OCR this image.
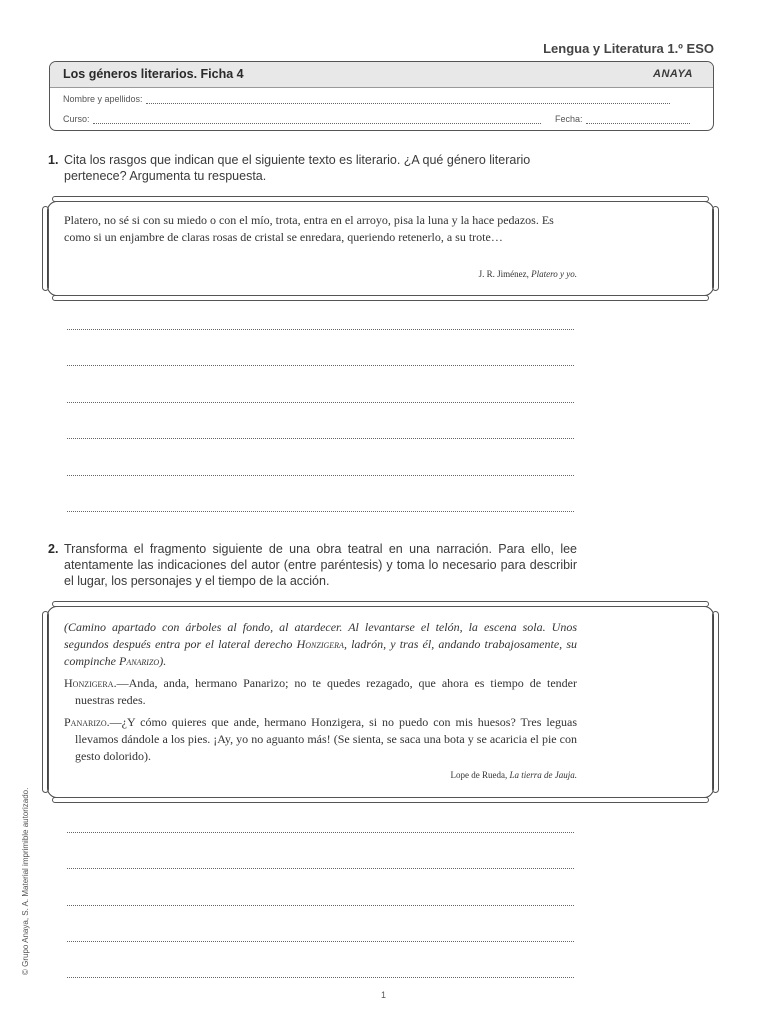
Lengua y Literatura 1.º ESO
Los géneros literarios. Ficha 4	ANAYA
Nombre y apellidos:
Curso:	Fecha:
1. Cita los rasgos que indican que el siguiente texto es literario. ¿A qué género literario pertenece? Argumenta tu respuesta.
Platero, no sé si con su miedo o con el mío, trota, entra en el arroyo, pisa la luna y la hace pedazos. Es como si un enjambre de claras rosas de cristal se enredara, queriendo retenerlo, a su trote…
J. R. Jiménez, Platero y yo.
2. Transforma el fragmento siguiente de una obra teatral en una narración. Para ello, lee atentamente las indicaciones del autor (entre paréntesis) y toma lo necesario para describir el lugar, los personajes y el tiempo de la acción.
(Camino apartado con árboles al fondo, al atardecer. Al levantarse el telón, la escena sola. Unos segundos después entra por el lateral derecho Honzigera, ladrón, y tras él, andando trabajosamente, su compinche Panarizo).
Honzigera.—Anda, anda, hermano Panarizo; no te quedes rezagado, que ahora es tiempo de tender nuestras redes.
Panarizo.—¿Y cómo quieres que ande, hermano Honzigera, si no puedo con mis huesos? Tres leguas llevamos dándole a los pies. ¡Ay, yo no aguanto más! (Se sienta, se saca una bota y se acaricia el pie con gesto dolorido).
Lope de Rueda, La tierra de Jauja.
© Grupo Anaya, S. A. Material imprimible autorizado.
1
